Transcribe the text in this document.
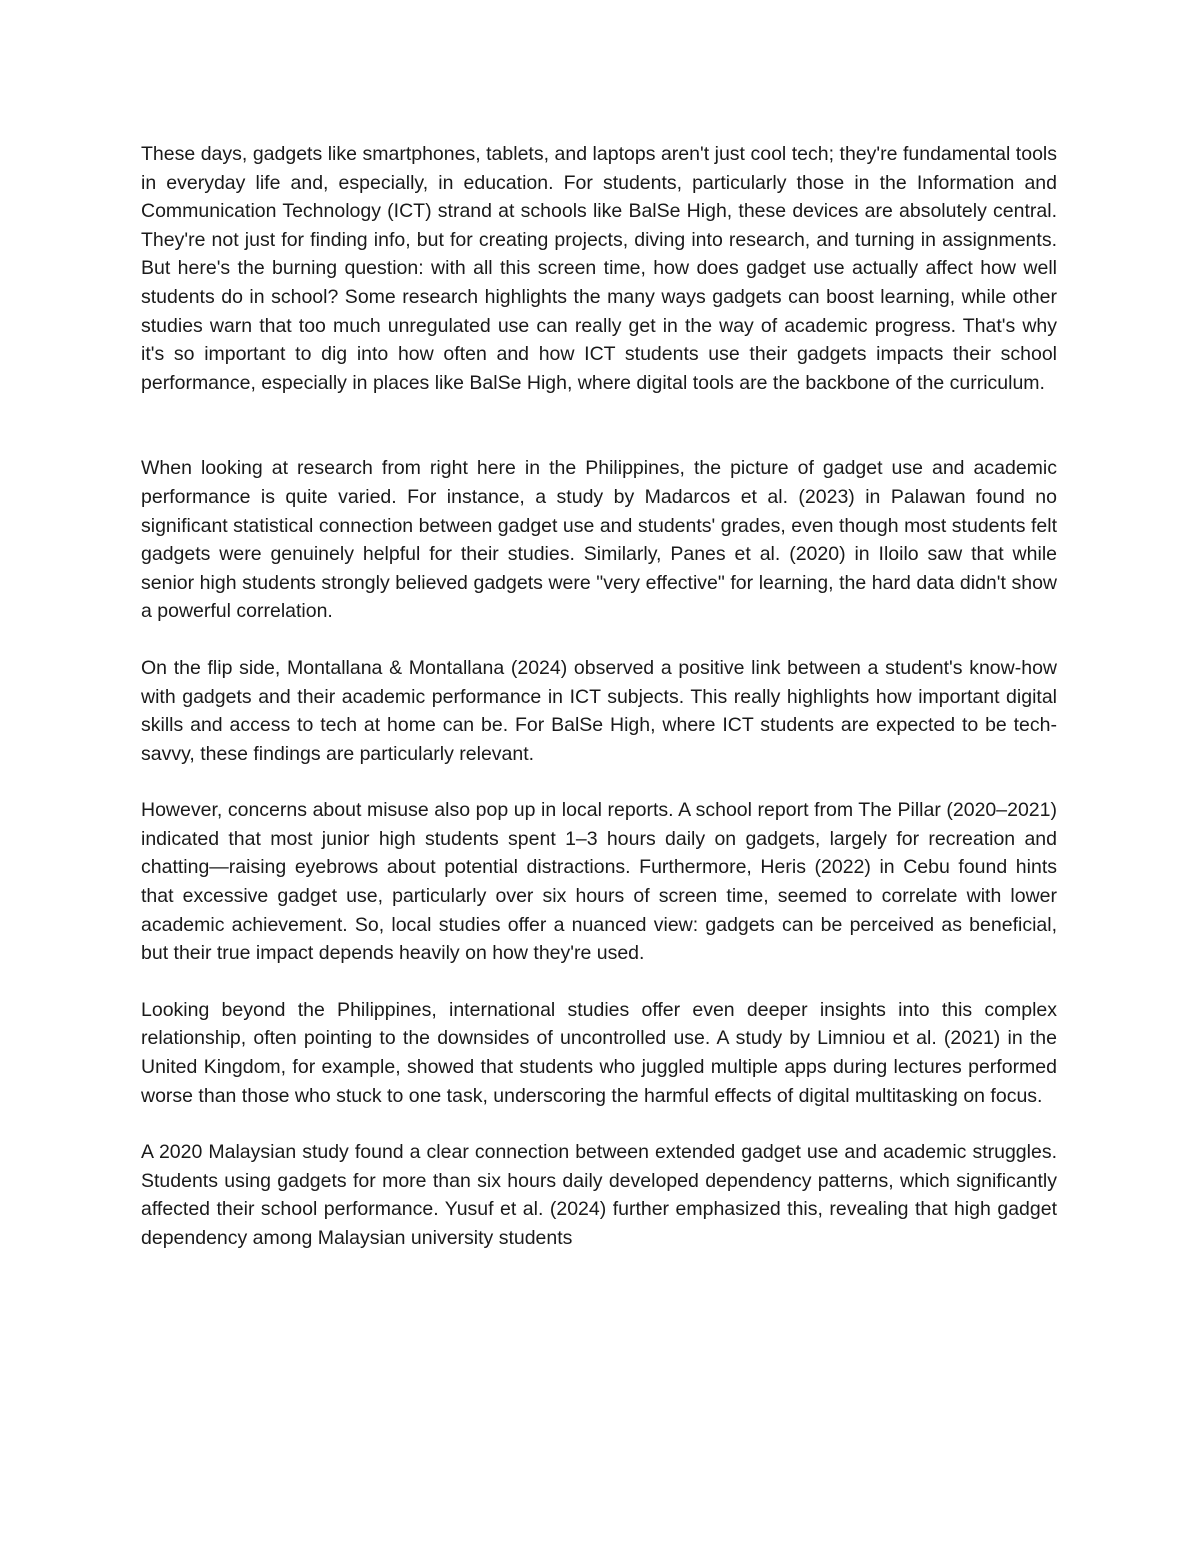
These days, gadgets like smartphones, tablets, and laptops aren't just cool tech; they're fundamental tools in everyday life and, especially, in education. For students, particularly those in the Information and Communication Technology (ICT) strand at schools like BalSe High, these devices are absolutely central. They're not just for finding info, but for creating projects, diving into research, and turning in assignments. But here's the burning question: with all this screen time, how does gadget use actually affect how well students do in school? Some research highlights the many ways gadgets can boost learning, while other studies warn that too much unregulated use can really get in the way of academic progress. That's why it's so important to dig into how often and how ICT students use their gadgets impacts their school performance, especially in places like BalSe High, where digital tools are the backbone of the curriculum.

When looking at research from right here in the Philippines, the picture of gadget use and academic performance is quite varied. For instance, a study by Madarcos et al. (2023) in Palawan found no significant statistical connection between gadget use and students' grades, even though most students felt gadgets were genuinely helpful for their studies. Similarly, Panes et al. (2020) in Iloilo saw that while senior high students strongly believed gadgets were "very effective" for learning, the hard data didn't show a powerful correlation.

On the flip side, Montallana & Montallana (2024) observed a positive link between a student's know-how with gadgets and their academic performance in ICT subjects. This really highlights how important digital skills and access to tech at home can be. For BalSe High, where ICT students are expected to be tech-savvy, these findings are particularly relevant.

However, concerns about misuse also pop up in local reports. A school report from The Pillar (2020–2021) indicated that most junior high students spent 1–3 hours daily on gadgets, largely for recreation and chatting—raising eyebrows about potential distractions. Furthermore, Heris (2022) in Cebu found hints that excessive gadget use, particularly over six hours of screen time, seemed to correlate with lower academic achievement. So, local studies offer a nuanced view: gadgets can be perceived as beneficial, but their true impact depends heavily on how they're used.

Looking beyond the Philippines, international studies offer even deeper insights into this complex relationship, often pointing to the downsides of uncontrolled use. A study by Limniou et al. (2021) in the United Kingdom, for example, showed that students who juggled multiple apps during lectures performed worse than those who stuck to one task, underscoring the harmful effects of digital multitasking on focus.

A 2020 Malaysian study found a clear connection between extended gadget use and academic struggles. Students using gadgets for more than six hours daily developed dependency patterns, which significantly affected their school performance. Yusuf et al. (2024) further emphasized this, revealing that high gadget dependency among Malaysian university students
